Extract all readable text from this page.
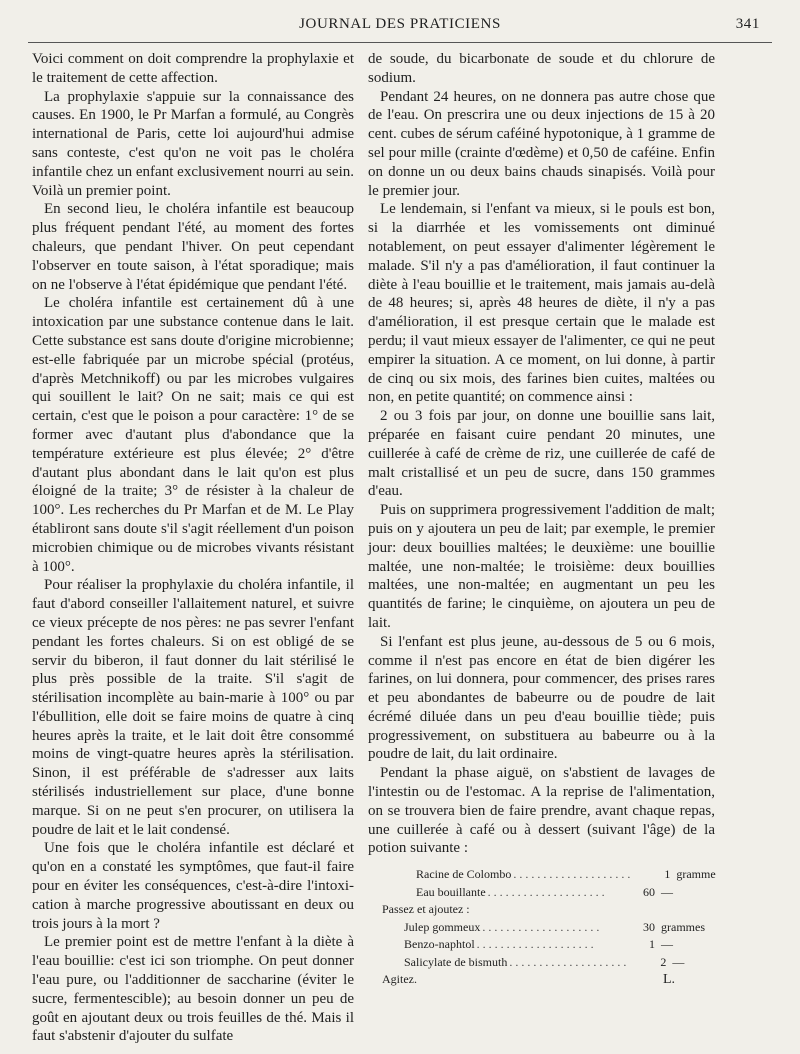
JOURNAL DES PRATICIENS	341

Voici comment on doit comprendre la prophylaxie et le traitement de cette affection.

La prophylaxie s'appuie sur la connaissance des causes. En 1900, le Pr Marfan a formulé, au Congrès international de Paris, cette loi aujourd'hui admise sans conteste, c'est qu'on ne voit pas le choléra infantile chez un enfant exclusivement nourri au sein. Voilà un premier point.

En second lieu, le choléra infantile est beaucoup plus fréquent pendant l'été, au moment des fortes chaleurs, que pendant l'hiver. On peut cependant l'observer en toute saison, à l'état sporadique; mais on ne l'observe à l'état épidémique que pendant l'été.

Le choléra infantile est certainement dû à une intoxication par une substance contenue dans le lait. Cette substance est sans doute d'origine microbienne; est-elle fabriquée par un microbe spécial (protéus, d'après Metchnikoff) ou par les microbes vulgaires qui souillent le lait? On ne sait; mais ce qui est certain, c'est que le poison a pour caractère: 1° de se former avec d'autant plus d'abondance que la température extérieure est plus élevée; 2° d'être d'autant plus abondant dans le lait qu'on est plus éloigné de la traite; 3° de résister à la chaleur de 100°. Les recherches du Pr Marfan et de M. Le Play établiront sans doute s'il s'agit réellement d'un poison microbien chimique ou de microbes vivants résistant à 100°.

Pour réaliser la prophylaxie du choléra infantile, il faut d'abord conseiller l'allaitement naturel, et suivre ce vieux précepte de nos pères: ne pas sevrer l'enfant pendant les fortes chaleurs. Si on est obligé de se servir du biberon, il faut donner du lait stérilisé le plus près possible de la traite. S'il s'agit de stérilisation incomplète au bain-marie à 100° ou par l'ébullition, elle doit se faire moins de quatre à cinq heures après la traite, et le lait doit être consommé moins de vingt-quatre heures après la stérilisation. Sinon, il est préférable de s'adresser aux laits stérilisés industriellement sur place, d'une bonne marque. Si on ne peut s'en procurer, on utilisera la poudre de lait et le lait condensé.

Une fois que le choléra infantile est déclaré et qu'on en a constaté les symptômes, que faut-il faire pour en éviter les conséquences, c'est-à-dire l'intoxication à marche progressive aboutissant en deux ou trois jours à la mort ?

Le premier point est de mettre l'enfant à la diète à l'eau bouillie: c'est ici son triomphe. On peut donner l'eau pure, ou l'additionner de saccharine (éviter le sucre, fermentescible); au besoin donner un peu de goût en ajoutant deux ou trois feuilles de thé. Mais il faut s'abstenir d'ajouter du sulfate

de soude, du bicarbonate de soude et du chlorure de sodium.

Pendant 24 heures, on ne donnera pas autre chose que de l'eau. On prescrira une ou deux injections de 15 à 20 cent. cubes de sérum caféiné hypotonique, à 1 gramme de sel pour mille (crainte d'œdème) et 0,50 de caféine. Enfin on donne un ou deux bains chauds sinapisés. Voilà pour le premier jour.

Le lendemain, si l'enfant va mieux, si le pouls est bon, si la diarrhée et les vomissements ont diminué notablement, on peut essayer d'alimenter légèrement le malade. S'il n'y a pas d'amélioration, il faut continuer la diète à l'eau bouillie et le traitement, mais jamais au-delà de 48 heures; si, après 48 heures de diète, il n'y a pas d'amélioration, il est presque certain que le malade est perdu; il vaut mieux essayer de l'alimenter, ce qui ne peut empirer la situation. A ce moment, on lui donne, à partir de cinq ou six mois, des farines bien cuites, maltées ou non, en petite quantité; on commence ainsi :

2 ou 3 fois par jour, on donne une bouillie sans lait, préparée en faisant cuire pendant 20 minutes, une cuillerée à café de crème de riz, une cuillerée de café de malt cristallisé et un peu de sucre, dans 150 grammes d'eau.

Puis on supprimera progressivement l'addition de malt; puis on y ajoutera un peu de lait; par exemple, le premier jour: deux bouillies maltées; le deuxième: une bouillie maltée, une non-maltée; le troisième: deux bouillies maltées, une non-maltée; en augmentant un peu les quantités de farine; le cinquième, on ajoutera un peu de lait.

Si l'enfant est plus jeune, au-dessous de 5 ou 6 mois, comme il n'est pas encore en état de bien digérer les farines, on lui donnera, pour commencer, des prises rares et peu abondantes de babeurre ou de poudre de lait écrémé diluée dans un peu d'eau bouillie tiède; puis progressivement, on substituera au babeurre ou à la poudre de lait, du lait ordinaire.

Pendant la phase aiguë, on s'abstient de lavages de l'intestin ou de l'estomac. A la reprise de l'alimentation, on se trouvera bien de faire prendre, avant chaque repas, une cuillerée à café ou à dessert (suivant l'âge) de la potion suivante :

Racine de Colombo . . . . . . . . . . . . . . . . . . . .	1 gramme
Eau bouillante . . . . . . . . . . . . . . . . . . . .	60 —
Passez et ajoutez :
Julep gommeux . . . . . . . . . . . . . . . . . . . .	30 grammes
Benzo-naphtol . . . . . . . . . . . . . . . . . . . .	1 —
Salicylate de bismuth . . . . . . . . . . . . . . . . . . . .	2 —
Agitez.	L.
